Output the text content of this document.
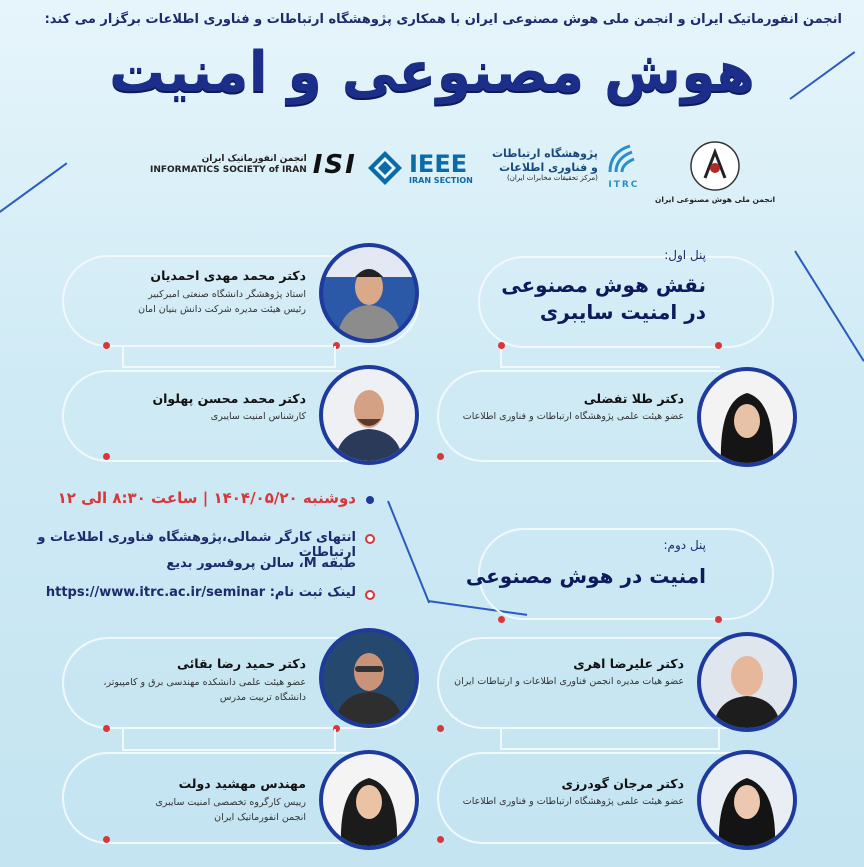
انجمن انفورماتیک ایران و انجمن ملی هوش مصنوعی ایران با همکاری پژوهشگاه ارتباطات و فناوری اطلاعات برگزار می کند:
هوش مصنوعی و امنیت
انجمن انفورماتیک ایران
INFORMATICS SOCIETY of IRAN ISI IEEE
IRAN SECTION
پژوهشگاه ارتباطات
و فناوری اطلاعات
(مرکز تحقیقات مخابرات ایران)
ITRC
انجمن ملی هوش مصنوعی ایران
پنل اول:
نقش هوش مصنوعی
در امنیت سایبری
دکتر طلا تفضلی
عضو هیئت علمی پژوهشگاه ارتباطات و فناوری اطلاعات
دکتر محمد مهدی احمدیان
استاد پژوهشگر دانشگاه صنعتی امیرکبیر
رئیس هیئت مدیره شرکت دانش بنیان امان
دکتر محمد محسن پهلوان
کارشناس امنیت سایبری
دوشنبه ۱۴۰۴/۰۵/۲۰ | ساعت ۸:۳۰ الی ۱۲
انتهای کارگر شمالی،پژوهشگاه فناوری اطلاعات و ارتباطات
طبقه M، سالن پروفسور بدیع
لینک ثبت نام: https://www.itrc.ac.ir/seminar
پنل دوم:
امنیت در هوش مصنوعی
دکتر علیرضا اهری
عضو هیات مدیره انجمن فناوری اطلاعات و ارتباطات ایران
دکتر مرجان گودرزی
عضو هیئت علمی پژوهشگاه ارتباطات و فناوری اطلاعات
دکتر حمید رضا بقائی
عضو هیئت علمی دانشکده مهندسی برق و کامپیوتر،
دانشگاه تربیت مدرس
مهندس مهشید دولت
رییس کارگروه تخصصی امنیت سایبری
انجمن انفورماتیک ایران
